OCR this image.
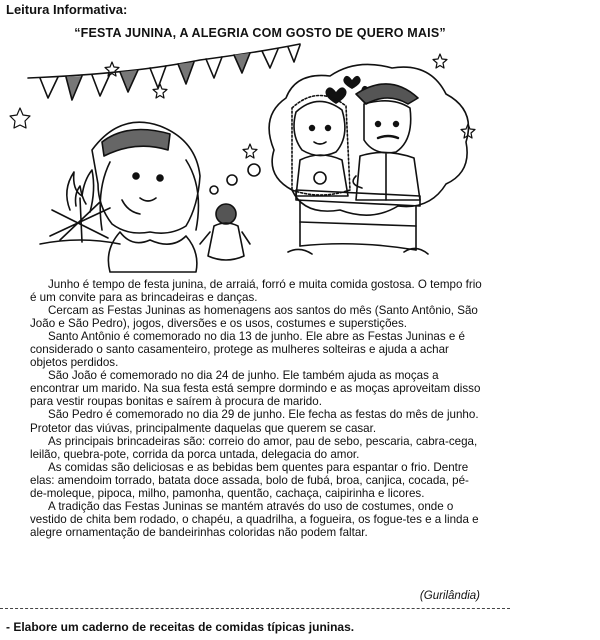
Leitura Informativa:
“FESTA JUNINA, A ALEGRIA COM GOSTO DE QUERO MAIS”

Junho é tempo de festa junina, de arraiá, forró e muita comida gostosa. O tempo frio é um convite para as brincadeiras e danças.

Cercam as Festas Juninas as homenagens aos santos do mês (Santo Antônio, São João e São Pedro), jogos, diversões e os usos, costumes e superstições.

Santo Antônio é comemorado no dia 13 de junho. Ele abre as Festas Juninas e é considerado o santo casamenteiro, protege as mulheres solteiras e ajuda a achar objetos perdidos.

São João é comemorado no dia 24 de junho. Ele também ajuda as moças a encontrar um marido. Na sua festa está sempre dormindo e as moças aproveitam disso para vestir roupas bonitas e saírem à procura de marido.

São Pedro é comemorado no dia 29 de junho. Ele fecha as festas do mês de junho. Protetor das viúvas, principalmente daquelas que querem se casar.

As principais brincadeiras são: correio do amor, pau de sebo, pescaria, cabra-cega, leilão, quebra-pote, corrida da porca untada, delegacia do amor.

As comidas são deliciosas e as bebidas bem quentes para espantar o frio. Dentre elas: amendoim torrado, batata doce assada, bolo de fubá, broa, canjica, cocada, pé-de-moleque, pipoca, milho, pamonha, quentão, cachaça, caipirinha e licores.

A tradição das Festas Juninas se mantém através do uso de costumes, onde o vestido de chita bem rodado, o chapéu, a quadrilha, a fogueira, os fogue-tes e a linda e alegre ornamentação de bandeirinhas coloridas não podem faltar.

(Gurilândia)
- Elabore um caderno de receitas de comidas típicas juninas.
